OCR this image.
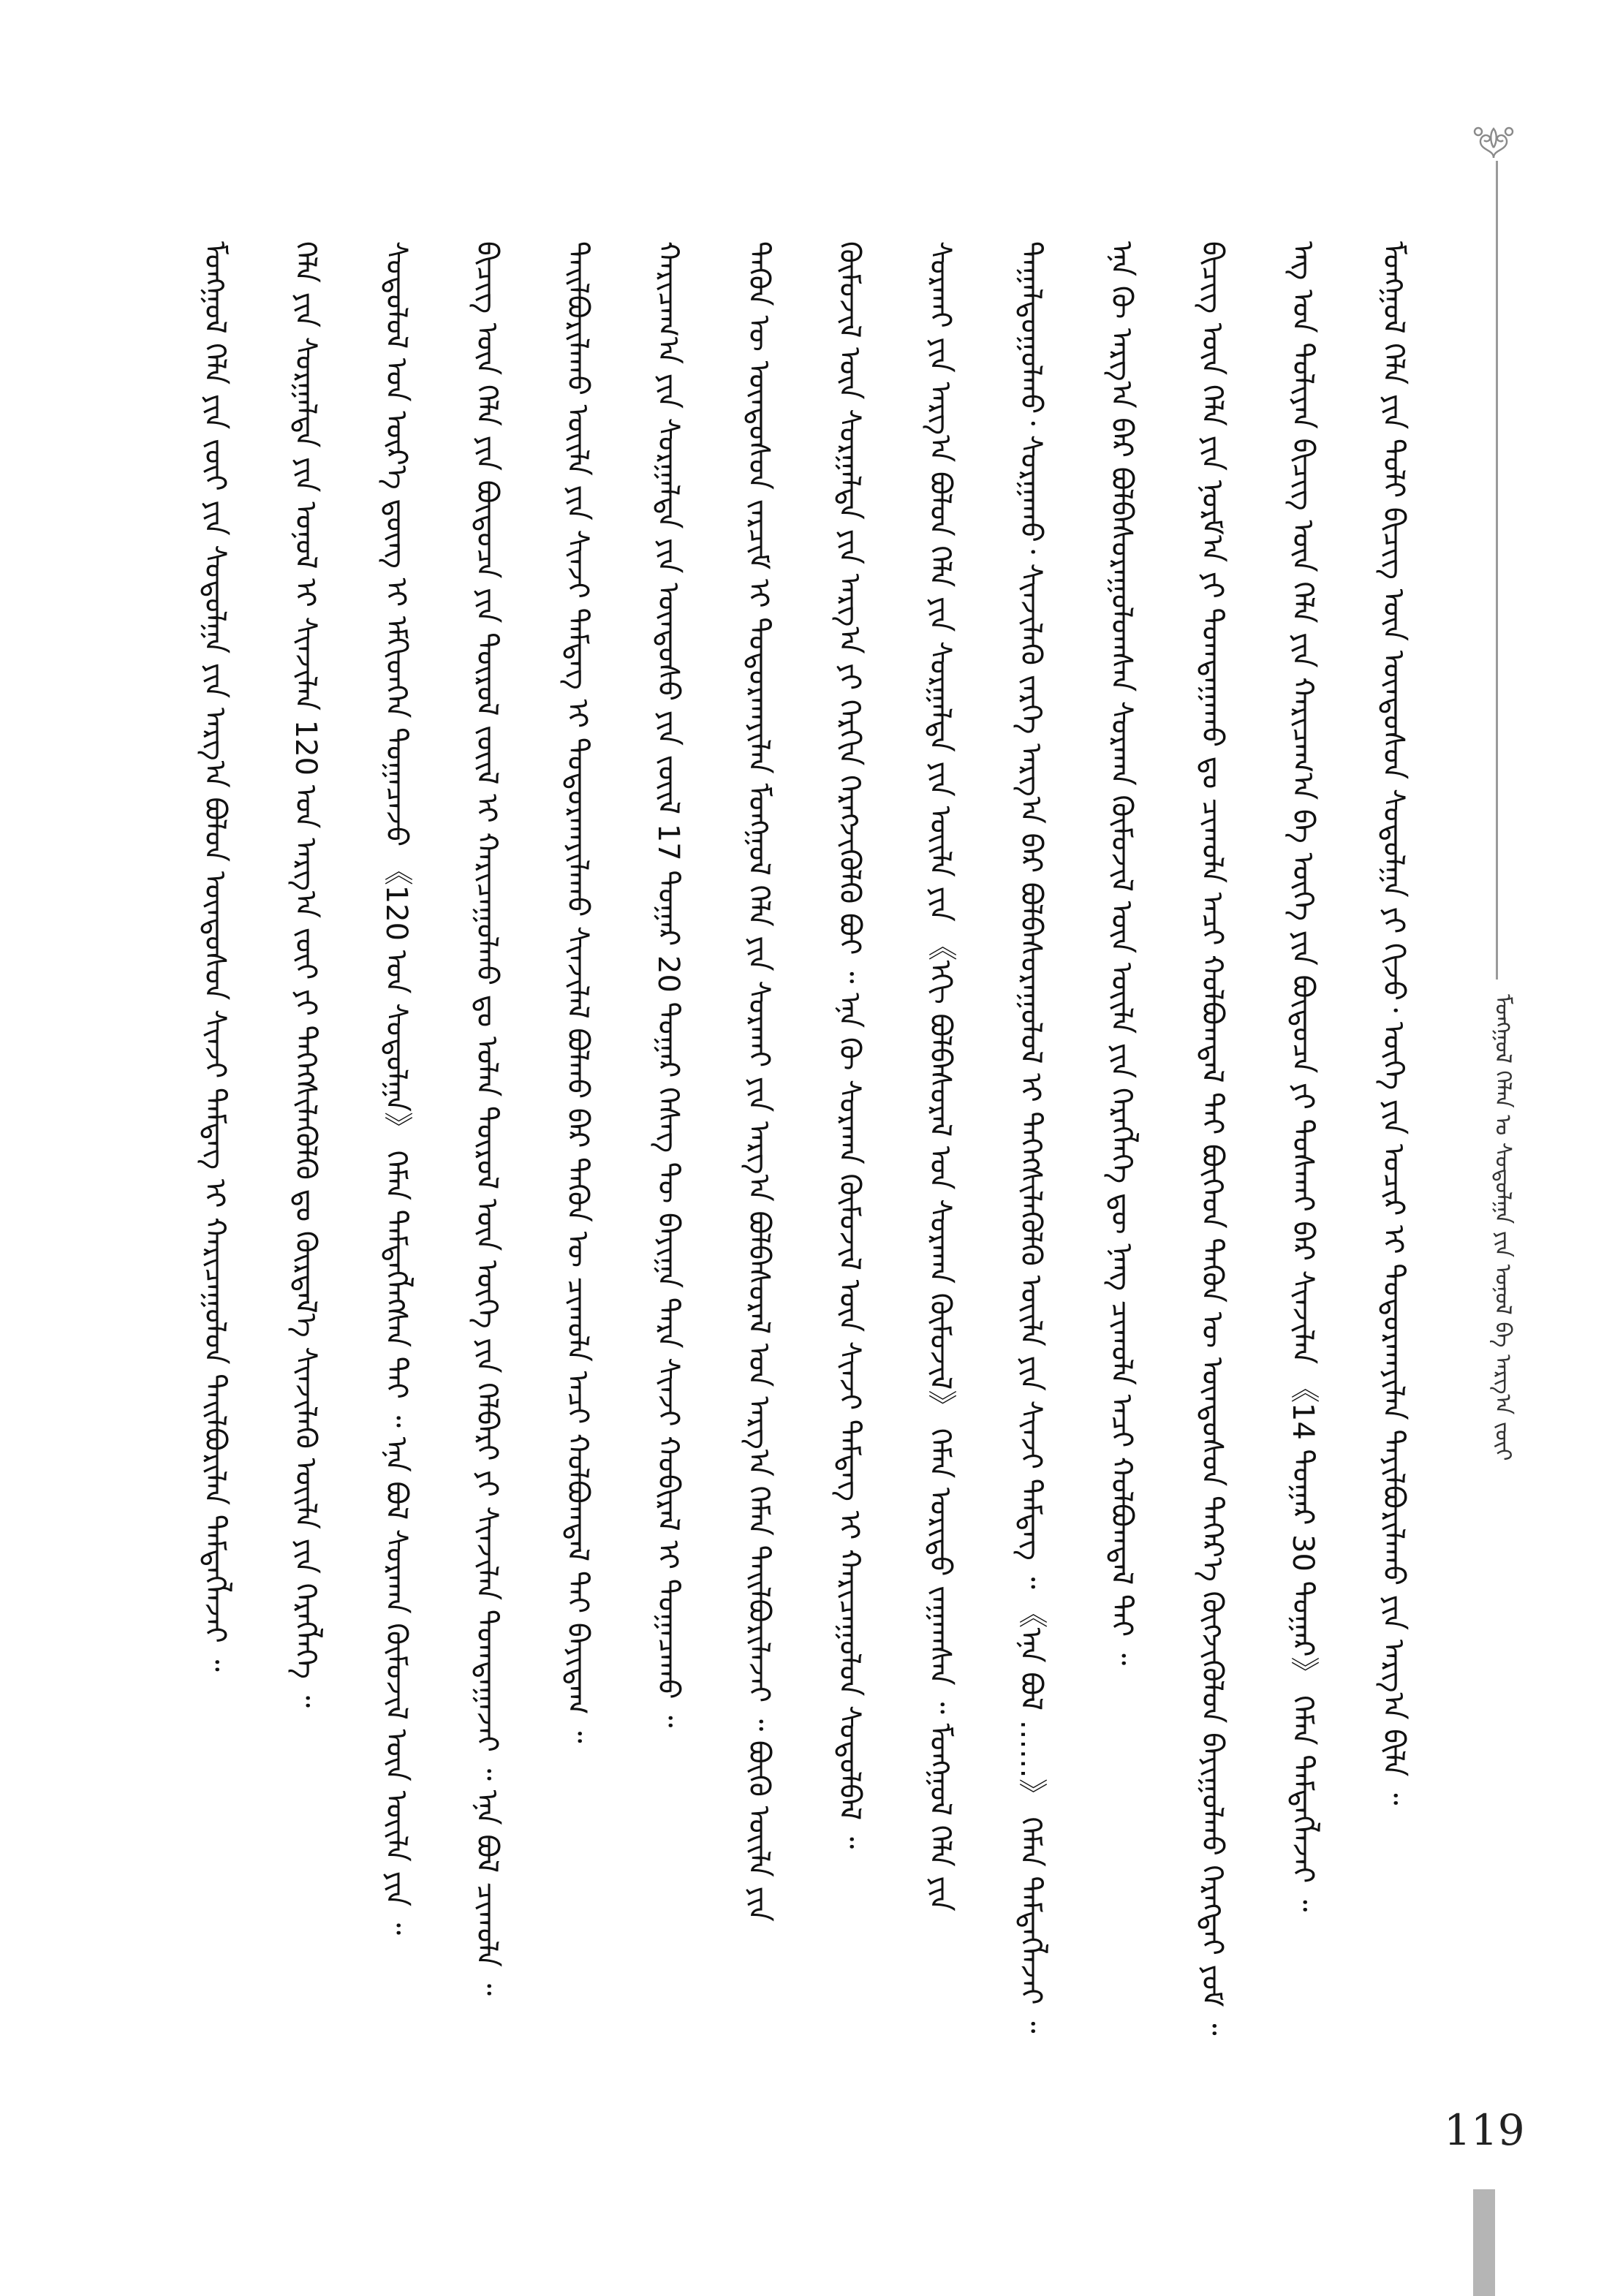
ᠮᠣᠩᠭᠣᠯ ᠬᠡᠯᠡᠨ ᠤ ᠰᠤᠳᠤᠯᠭᠠ ᠶᠢᠨ ᠣᠨᠣᠯ ᠪᠠ ᠠᠷᠭ᠎ᠠ ᠵᠦᠢ
ᠮᠣᠩᠭᠣᠯ ᠬᠡᠯᠡ ᠶᠢᠨ ᠲᠣᠯᠢ ᠪᠢᠴᠢᠭ ᠦᠨ ᠦᠨᠳᠦᠰᠦᠨ ᠰᠤᠳᠤᠯᠭᠠ ᠶᠢ ᠬᠢᠵᠦ᠂ ᠦᠭᠡ ᠶᠢᠨ ᠤᠴᠢᠷ ᠢ ᠲᠣᠳᠣᠷᠬᠠᠶᠢᠯᠠᠨ ᠲᠠᠶᠢᠯᠪᠤᠷᠢᠯᠠᠬᠤ ᠶᠢᠨ ᠠᠷᠭ᠎ᠠ ᠪᠢᠯᠡ ᠃
ᠡᠩ ᠤᠨ ᠳᠤᠯᠢᠶᠠᠨ ᠪᠢᠴᠢᠭ ᠦᠨ ᠬᠡᠯᠡ ᠶᠢᠨ ᠬᠠᠷᠢᠴᠠᠭ᠎ᠠ ᠪᠠ ᠦᠭᠡ ᠶᠢᠨ ᠪᠦᠲᠦᠴᠡ ᠶᠢ ᠲᠤᠰᠬᠠᠢ ᠪᠡᠷ ᠰᠢᠨᠵᠢᠯᠡᠨ 《14 ᠳᠤᠭᠠᠷ 30 ᠳᠤᠭᠠᠷ》 ᠬᠡᠮᠡᠨ ᠲᠡᠮᠳᠡᠭᠯᠡᠵᠡᠢ ᠃
ᠪᠢᠴᠢᠭ ᠦᠨ ᠬᠡᠯᠡ ᠶᠢᠨ ᠨᠣᠷᠮ᠎ᠠ ᠶᠢ ᠲᠣᠭᠲᠠᠭᠠᠬᠤ ᠳᠤ ᠴᠢᠬᠤᠯᠠ ᠠᠴᠢ ᠬᠣᠯᠪᠣᠭᠳᠠᠯ ᠲᠠᠢ ᠪᠥᠭᠡᠳ ᠲᠡᠭᠦᠨ ᠦ ᠦᠨᠳᠦᠰᠦᠨ ᠳᠡᠭᠡᠷ᠎ᠡ ᠬᠥᠭᠵᠢᠭᠦᠯᠦᠨ ᠪᠠᠶᠢᠭᠤᠯᠬᠤ ᠬᠡᠷᠡᠭᠲᠡᠢ ᠶᠤᠮ ᠃
ᠡᠨᠡ ᠬᠦ ᠠᠷᠭ᠎ᠠ ᠪᠠᠷ ᠪᠣᠯᠪᠠᠰᠤᠷᠠᠭᠤᠯᠤᠭᠰᠠᠨ ᠰᠤᠷᠬᠠᠨ ᠬᠦᠮᠦᠵᠢᠯ ᠦᠨ ᠦᠢᠯᠡ ᠶᠢᠨ ᠬᠡᠷᠡᠭᠯᠡᠭᠡ ᠳᠦ ᠨᠡᠩ ᠴᠢᠬᠤᠯᠠ ᠠᠴᠢ ᠬᠣᠯᠪᠣᠭᠳᠠᠯ ᠲᠠᠢ ᠃
ᠳᠠᠭᠠᠯᠳᠤᠭᠤᠯᠬᠤ᠂ ᠰᠤᠷᠭᠠᠬᠤ᠂ ᠰᠢᠨᠵᠢᠯᠡᠬᠦ ᠵᠡᠷᠭᠡ ᠠᠷᠭ᠎ᠠ ᠪᠠᠷ ᠪᠣᠯᠪᠠᠰᠤᠷᠠᠭᠤᠯᠤᠯ ᠢ ᠳᠡᠭᠡᠭᠰᠢᠯᠡᠭᠦᠯᠬᠦ ᠦᠢᠯᠡ ᠶᠢᠨ ᠰᠢᠨᠵᠢ ᠲᠡᠮᠳᠡᠭ ᠃ 《ᠡᠨᠡ ᠪᠣᠯ ……》 ᠬᠡᠮᠡᠨ ᠲᠡᠮᠳᠡᠭᠯᠡᠵᠡᠢ ᠃
ᠰᠤᠷᠬᠠᠢ ᠶᠢᠨ ᠠᠷᠭ᠎ᠠ ᠪᠣᠯᠤᠨ ᠬᠡᠯᠡ ᠶᠢᠨ ᠰᠤᠷᠭᠠᠯᠲᠠ ᠶᠢᠨ ᠦᠢᠯᠡ ᠶᠢᠨ 《ᠡᠬᠢ ᠪᠣᠯᠪᠠᠰᠤᠷᠠᠯ ᠤᠨ ᠰᠤᠷᠬᠠᠨ ᠬᠦᠮᠦᠵᠢᠯ》 ᠬᠡᠮᠡᠨ ᠤᠷᠢᠳᠤ ᠵᠠᠭᠠᠭᠰᠠᠨ ᠃ ᠮᠣᠩᠭᠣᠯ ᠬᠡᠯᠡ ᠶᠢᠨ
ᠬᠦᠮᠦᠵᠢᠯ ᠦᠨ ᠰᠤᠷᠭᠠᠯᠲᠠ ᠶᠢᠨ ᠠᠷᠭ᠎ᠠ ᠶᠢ ᠬᠡᠷᠬᠢᠨ ᠬᠡᠷᠡᠭᠵᠢᠭᠦᠯᠬᠦ ᠪᠤᠢ ᠃ ᠡᠨᠡ ᠬᠦ ᠰᠤᠷᠬᠠᠨ ᠬᠦᠮᠦᠵᠢᠯ ᠦᠨ ᠰᠢᠨᠵᠢ ᠲᠡᠮᠳᠡᠭ ᠢ ᠬᠠᠷᠢᠴᠠᠭᠤᠯᠤᠨ ᠰᠤᠳᠤᠯᠪᠠᠯ ᠃
ᠲᠡᠭᠦᠨ ᠦ ᠦᠨᠳᠦᠰᠦᠨ ᠵᠠᠷᠴᠢᠮ ᠢ ᠲᠣᠳᠣᠷᠬᠠᠶᠢᠯᠠᠨ ᠮᠣᠩᠭᠣᠯ ᠬᠡᠯᠡ ᠶᠢᠨ ᠰᠤᠷᠬᠠᠢ ᠶᠢᠨ ᠠᠷᠭ᠎ᠠ ᠪᠣᠯᠪᠠᠰᠤᠷᠠᠯ ᠤᠨ ᠠᠷᠭ᠎ᠠ ᠬᠡᠮᠡᠨ ᠲᠠᠢᠯᠪᠤᠷᠢᠯᠠᠵᠠᠢ ᠃ ᠪᠦᠬᠦ ᠦᠢᠯᠡ ᠶᠢᠨ
ᠬᠠᠷᠢᠴᠠᠭ᠎ᠠ ᠶᠢᠨ ᠰᠤᠷᠭᠠᠯᠲᠠ ᠶᠢᠨ ᠦᠨᠳᠦᠰᠦ ᠶᠢᠨ ᠵᠦᠢᠯ 17 ᠳᠤᠭᠠᠷ 20 ᠳᠤᠭᠠᠷ ᠬᠡᠰᠡᠭ ᠲᠦ ᠪᠠᠶᠢᠭᠠ ᠲᠡᠷᠡ ᠰᠢᠨᠵᠢ ᠬᠤᠪᠢᠷᠠᠯ ᠢ ᠲᠣᠭᠠᠴᠠᠬᠤ ᠃
ᠲᠠᠢᠯᠪᠤᠷᠢᠯᠠᠬᠤ ᠦᠢᠯᠡ ᠶᠢᠨ ᠰᠢᠨᠵᠢ ᠲᠡᠮᠳᠡᠭ ᠢ ᠲᠣᠳᠣᠷᠬᠠᠶᠢᠯᠠᠬᠤ ᠰᠢᠨᠵᠢᠯᠡᠯ ᠪᠣᠯᠬᠤ ᠪᠠᠷ ᠲᠡᠭᠦᠨ ᠦ ᠴᠢᠬᠤᠯᠠ ᠠᠴᠢ ᠬᠣᠯᠪᠣᠭᠳᠠᠯ ᠲᠠᠢ ᠪᠠᠶᠢᠳᠠᠭ ᠃
ᠪᠢᠴᠢᠭ ᠦᠨ ᠬᠡᠯᠡ ᠶᠢᠨ ᠪᠦᠲᠦᠴᠡ ᠶᠢᠨ ᠲᠦᠷᠦᠯ ᠵᠦᠢᠯ ᠢ ᠬᠠᠷᠢᠴᠠᠭᠤᠯᠬᠤ ᠳᠤ ᠣᠯᠠᠨ ᠲᠦᠷᠦᠯ ᠦᠨ ᠦᠭᠡ ᠶᠢᠨ ᠬᠡᠯᠪᠡᠷᠢ ᠶᠢ ᠰᠢᠨᠵᠢᠯᠡᠨ ᠲᠣᠭᠲᠠᠭᠠᠵᠠᠢ ᠃ ᠡᠨᠡ ᠪᠣᠯ ᠴᠢᠬᠤᠯᠠ ᠃
ᠰᠤᠳᠤᠯᠤᠯ ᠤᠨ ᠦᠷ᠎ᠡ ᠳ᠋ᠦᠩ ᠢ ᠡᠮᠬᠢᠳᠬᠡᠨ ᠲᠣᠭᠠᠴᠠᠵᠤ 《120 ᠤᠨ ᠰᠤᠳᠤᠯᠭᠠ》 ᠬᠡᠮᠡᠨ ᠲᠡᠮᠳᠡᠭᠯᠡᠭᠰᠡᠨ ᠲᠠᠢ ᠃ ᠡᠨᠡ ᠪᠣᠯ ᠰᠤᠷᠬᠠᠨ ᠬᠦᠮᠦᠵᠢᠯ ᠦᠨ ᠦᠢᠯᠡ ᠶᠢᠨ ᠃
ᠬᠡᠯᠡ ᠶᠢᠨ ᠰᠤᠷᠭᠠᠯᠲᠠ ᠶᠢᠨ ᠣᠨᠣᠯ ᠢ ᠰᠢᠨᠵᠢᠯᠡᠨ 120 ᠤᠨ ᠠᠷᠭ᠎ᠠ ᠵᠦᠢ ᠶᠢ ᠳᠡᠭᠡᠭᠰᠢᠯᠡᠭᠦᠯᠬᠦ ᠳᠤ ᠬᠦᠷᠲᠡᠯ᠎ᠡ ᠰᠢᠨᠵᠢᠯᠡᠬᠦ ᠦᠢᠯᠡ ᠶᠢᠨ ᠬᠡᠷᠡᠭᠯᠡᠭᠡ ᠃
ᠮᠣᠩᠭᠣᠯ ᠬᠡᠯᠡ ᠶᠢᠨ ᠵᠦᠢ ᠶᠢᠨ ᠰᠤᠳᠤᠯᠭᠠ ᠶᠢᠨ ᠠᠷᠭ᠎ᠠ ᠪᠣᠯᠤᠨ ᠦᠨᠳᠦᠰᠦᠨ ᠰᠢᠨᠵᠢ ᠲᠡᠮᠳᠡᠭ ᠢ ᠬᠠᠷᠢᠴᠠᠭᠤᠯᠤᠨ ᠲᠠᠢᠯᠪᠤᠷᠢᠯᠠᠨ ᠲᠡᠮᠳᠡᠭᠯᠡᠵᠡᠢ ᠃
119
